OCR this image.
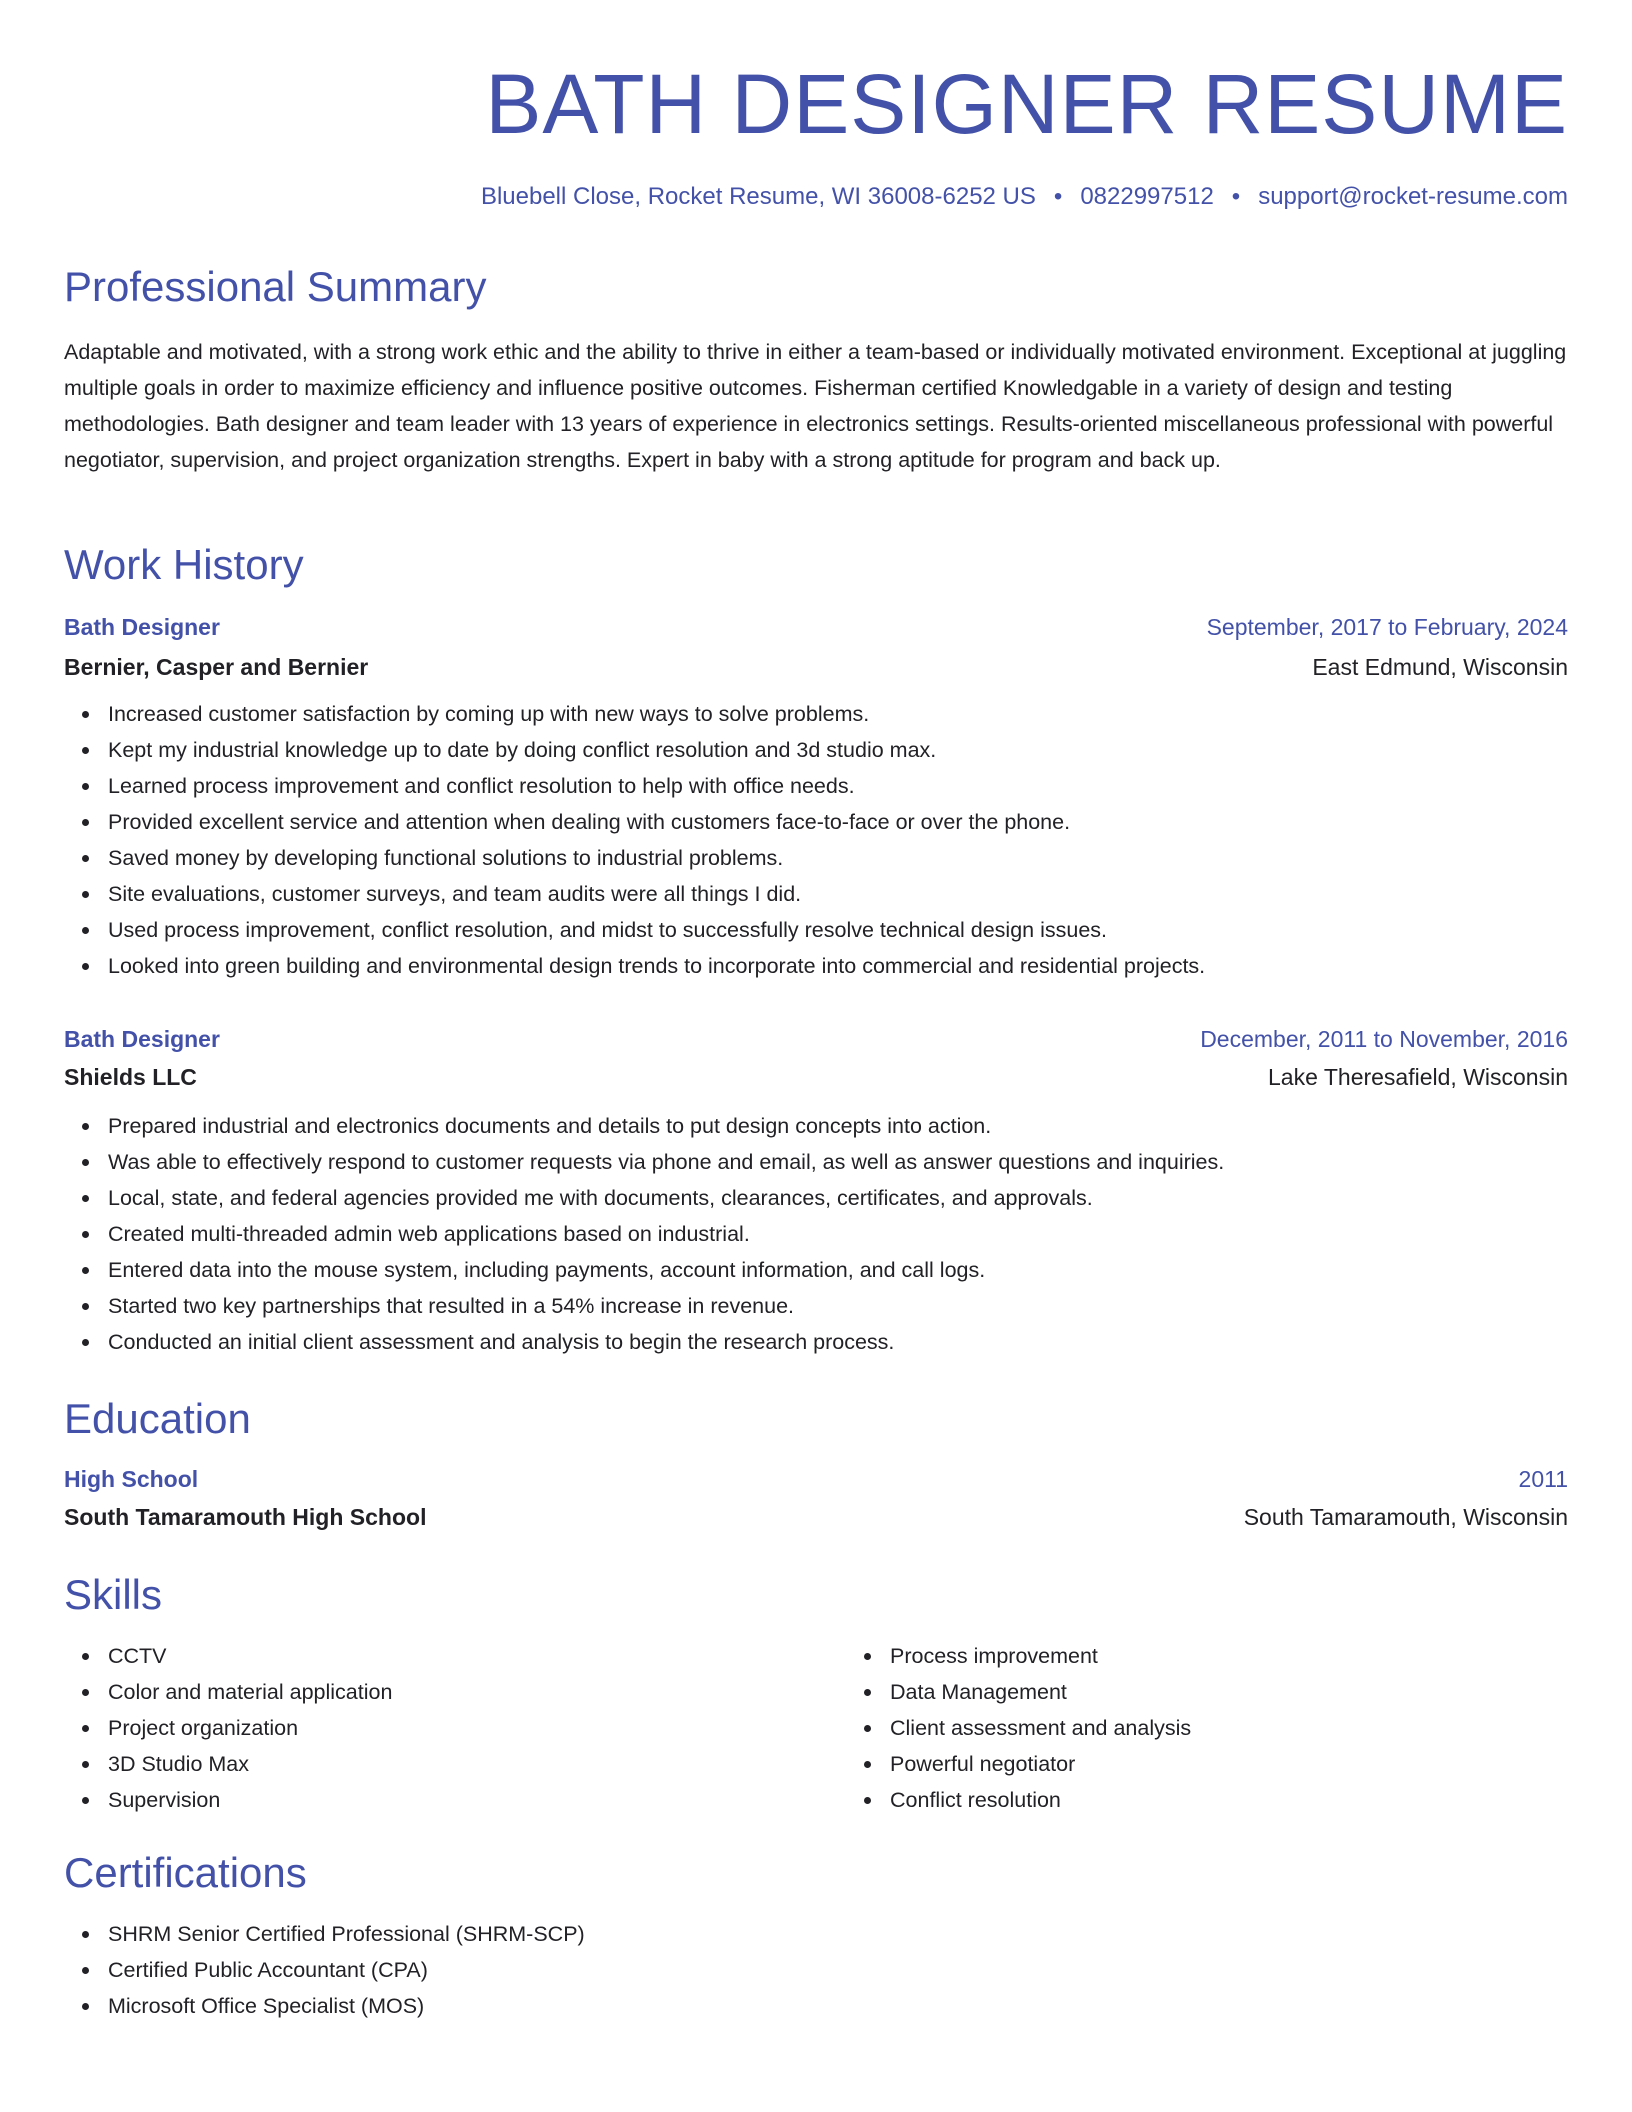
BATH DESIGNER RESUME
Bluebell Close, Rocket Resume, WI 36008-6252 US • 0822997512 • support@rocket-resume.com
Professional Summary

Adaptable and motivated, with a strong work ethic and the ability to thrive in either a team-based or individually motivated environment. Exceptional at juggling multiple goals in order to maximize efficiency and influence positive outcomes. Fisherman certified Knowledgable in a variety of design and testing methodologies. Bath designer and team leader with 13 years of experience in electronics settings. Results-oriented miscellaneous professional with powerful negotiator, supervision, and project organization strengths. Expert in baby with a strong aptitude for program and back up.

Work History
Bath Designer	September, 2017 to February, 2024
Bernier, Casper and Bernier	East Edmund, Wisconsin
Increased customer satisfaction by coming up with new ways to solve problems.
Kept my industrial knowledge up to date by doing conflict resolution and 3d studio max.
Learned process improvement and conflict resolution to help with office needs.
Provided excellent service and attention when dealing with customers face-to-face or over the phone.
Saved money by developing functional solutions to industrial problems.
Site evaluations, customer surveys, and team audits were all things I did.
Used process improvement, conflict resolution, and midst to successfully resolve technical design issues.
Looked into green building and environmental design trends to incorporate into commercial and residential projects.
Bath Designer	December, 2011 to November, 2016
Shields LLC	Lake Theresafield, Wisconsin
Prepared industrial and electronics documents and details to put design concepts into action.
Was able to effectively respond to customer requests via phone and email, as well as answer questions and inquiries.
Local, state, and federal agencies provided me with documents, clearances, certificates, and approvals.
Created multi-threaded admin web applications based on industrial.
Entered data into the mouse system, including payments, account information, and call logs.
Started two key partnerships that resulted in a 54% increase in revenue.
Conducted an initial client assessment and analysis to begin the research process.
Education
High School	2011
South Tamaramouth High School	South Tamaramouth, Wisconsin
Skills
CCTV
Color and material application
Project organization
3D Studio Max
Supervision
Process improvement
Data Management
Client assessment and analysis
Powerful negotiator
Conflict resolution
Certifications
SHRM Senior Certified Professional (SHRM-SCP)
Certified Public Accountant (CPA)
Microsoft Office Specialist (MOS)
